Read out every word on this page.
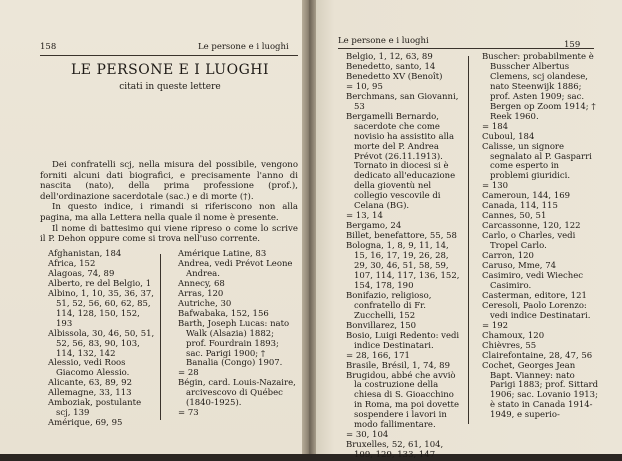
158	Le persone e i luoghi
LE PERSONE E I LUOGHI
citati in queste lettere

Dei confratelli scj, nella misura del possibile, vengono forniti alcuni dati biografici, e precisamente l'anno di nascita (nato), della prima professione (prof.), dell'ordinazione sacerdotale (sac.) e di morte (†).

In questo indice, i rimandi si riferiscono non alla pagina, ma alla Lettera nella quale il nome è presente.

Il nome di battesimo qui viene ripreso o come lo scrive il P. Dehon oppure come si trova nell'uso corrente.

Afghanistan, 184
Africa, 152
Alagoas, 74, 89
Alberto, re del Belgio, 1
Albino, 1, 10, 35, 36, 37, 51, 52, 56, 60, 62, 85, 114, 128, 150, 152, 193
Albissola, 30, 46, 50, 51, 52, 56, 83, 90, 103, 114, 132, 142
Alessio, vedi Roos Giacomo Alessio.
Alicante, 63, 89, 92
Allemagne, 33, 113
Amboziak, postulante scj, 139
Amérique, 69, 95
Amérique Latine, 83
Andrea, vedi Prévot Leone Andrea.
Annecy, 68
Arras, 120
Autriche, 30
Bafwabaka, 152, 156
Barth, Joseph Lucas: nato Walk (Alsazia) 1882; prof. Fourdrain 1893; sac. Parigi 1900; † Banalia (Congo) 1907.
= 28
Bégin, card. Louis-Nazaire, arcivescovo di Québec (1840-1925).
= 73
Le persone e i luoghi	159
Belgio, 1, 12, 63, 89
Benedetto, santo, 14
Benedetto XV (Benoît)
= 10, 95
Berchmans, san Giovanni, 53
Bergamelli Bernardo, sacerdote che come novisio ha assistito alla morte del P. Andrea Prévot (26.11.1913). Tornato in diocesi si è dedicato all'educazione della gioventù nel collegio vescovile di Celana (BG).
= 13, 14
Bergamo, 24
Billet, benefattore, 55, 58
Bologna, 1, 8, 9, 11, 14, 15, 16, 17, 19, 26, 28, 29, 30, 46, 51, 58, 59, 107, 114, 117, 136, 152, 154, 178, 190
Bonifazio, religioso, confratello di Fr. Zucchelli, 152
Bonvillarez, 150
Bosio, Luigi Redento: vedi indice Destinatari.
= 28, 166, 171
Brasile, Brésil, 1, 74, 89
Brugidou, abbé che avviò la costruzione della chiesa di S. Gioacchino in Roma, ma poi dovette sospendere i lavori in modo fallimentare.
= 30, 104
Bruxelles, 52, 61, 104, 109, 129, 133, 147
Buscher: probabilmente è Busscher Albertus Clemens, scj olandese, nato Steenwijk 1886; prof. Asten 1909; sac. Bergen op Zoom 1914; † Reek 1960.
= 184
Cuboul, 184
Calisse, un signore segnalato al P. Gasparri come esperto in problemi giuridici.
= 130
Cameroun, 144, 169
Canada, 114, 115
Cannes, 50, 51
Carcassonne, 120, 122
Carlo, o Charles, vedi Tropel Carlo.
Carron, 120
Caruso, Mme, 74
Casimiro, vedi Wiechec Casimiro.
Casterman, editore, 121
Ceresoli, Paolo Lorenzo: vedi indice Destinatari.
= 192
Chamoux, 120
Chièvres, 55
Clairefontaine, 28, 47, 56
Cochet, Georges Jean Bapt. Vianney: nato Parigi 1883; prof. Sittard 1906; sac. Lovanio 1913; è stato in Canada 1914-1949, e superio-
